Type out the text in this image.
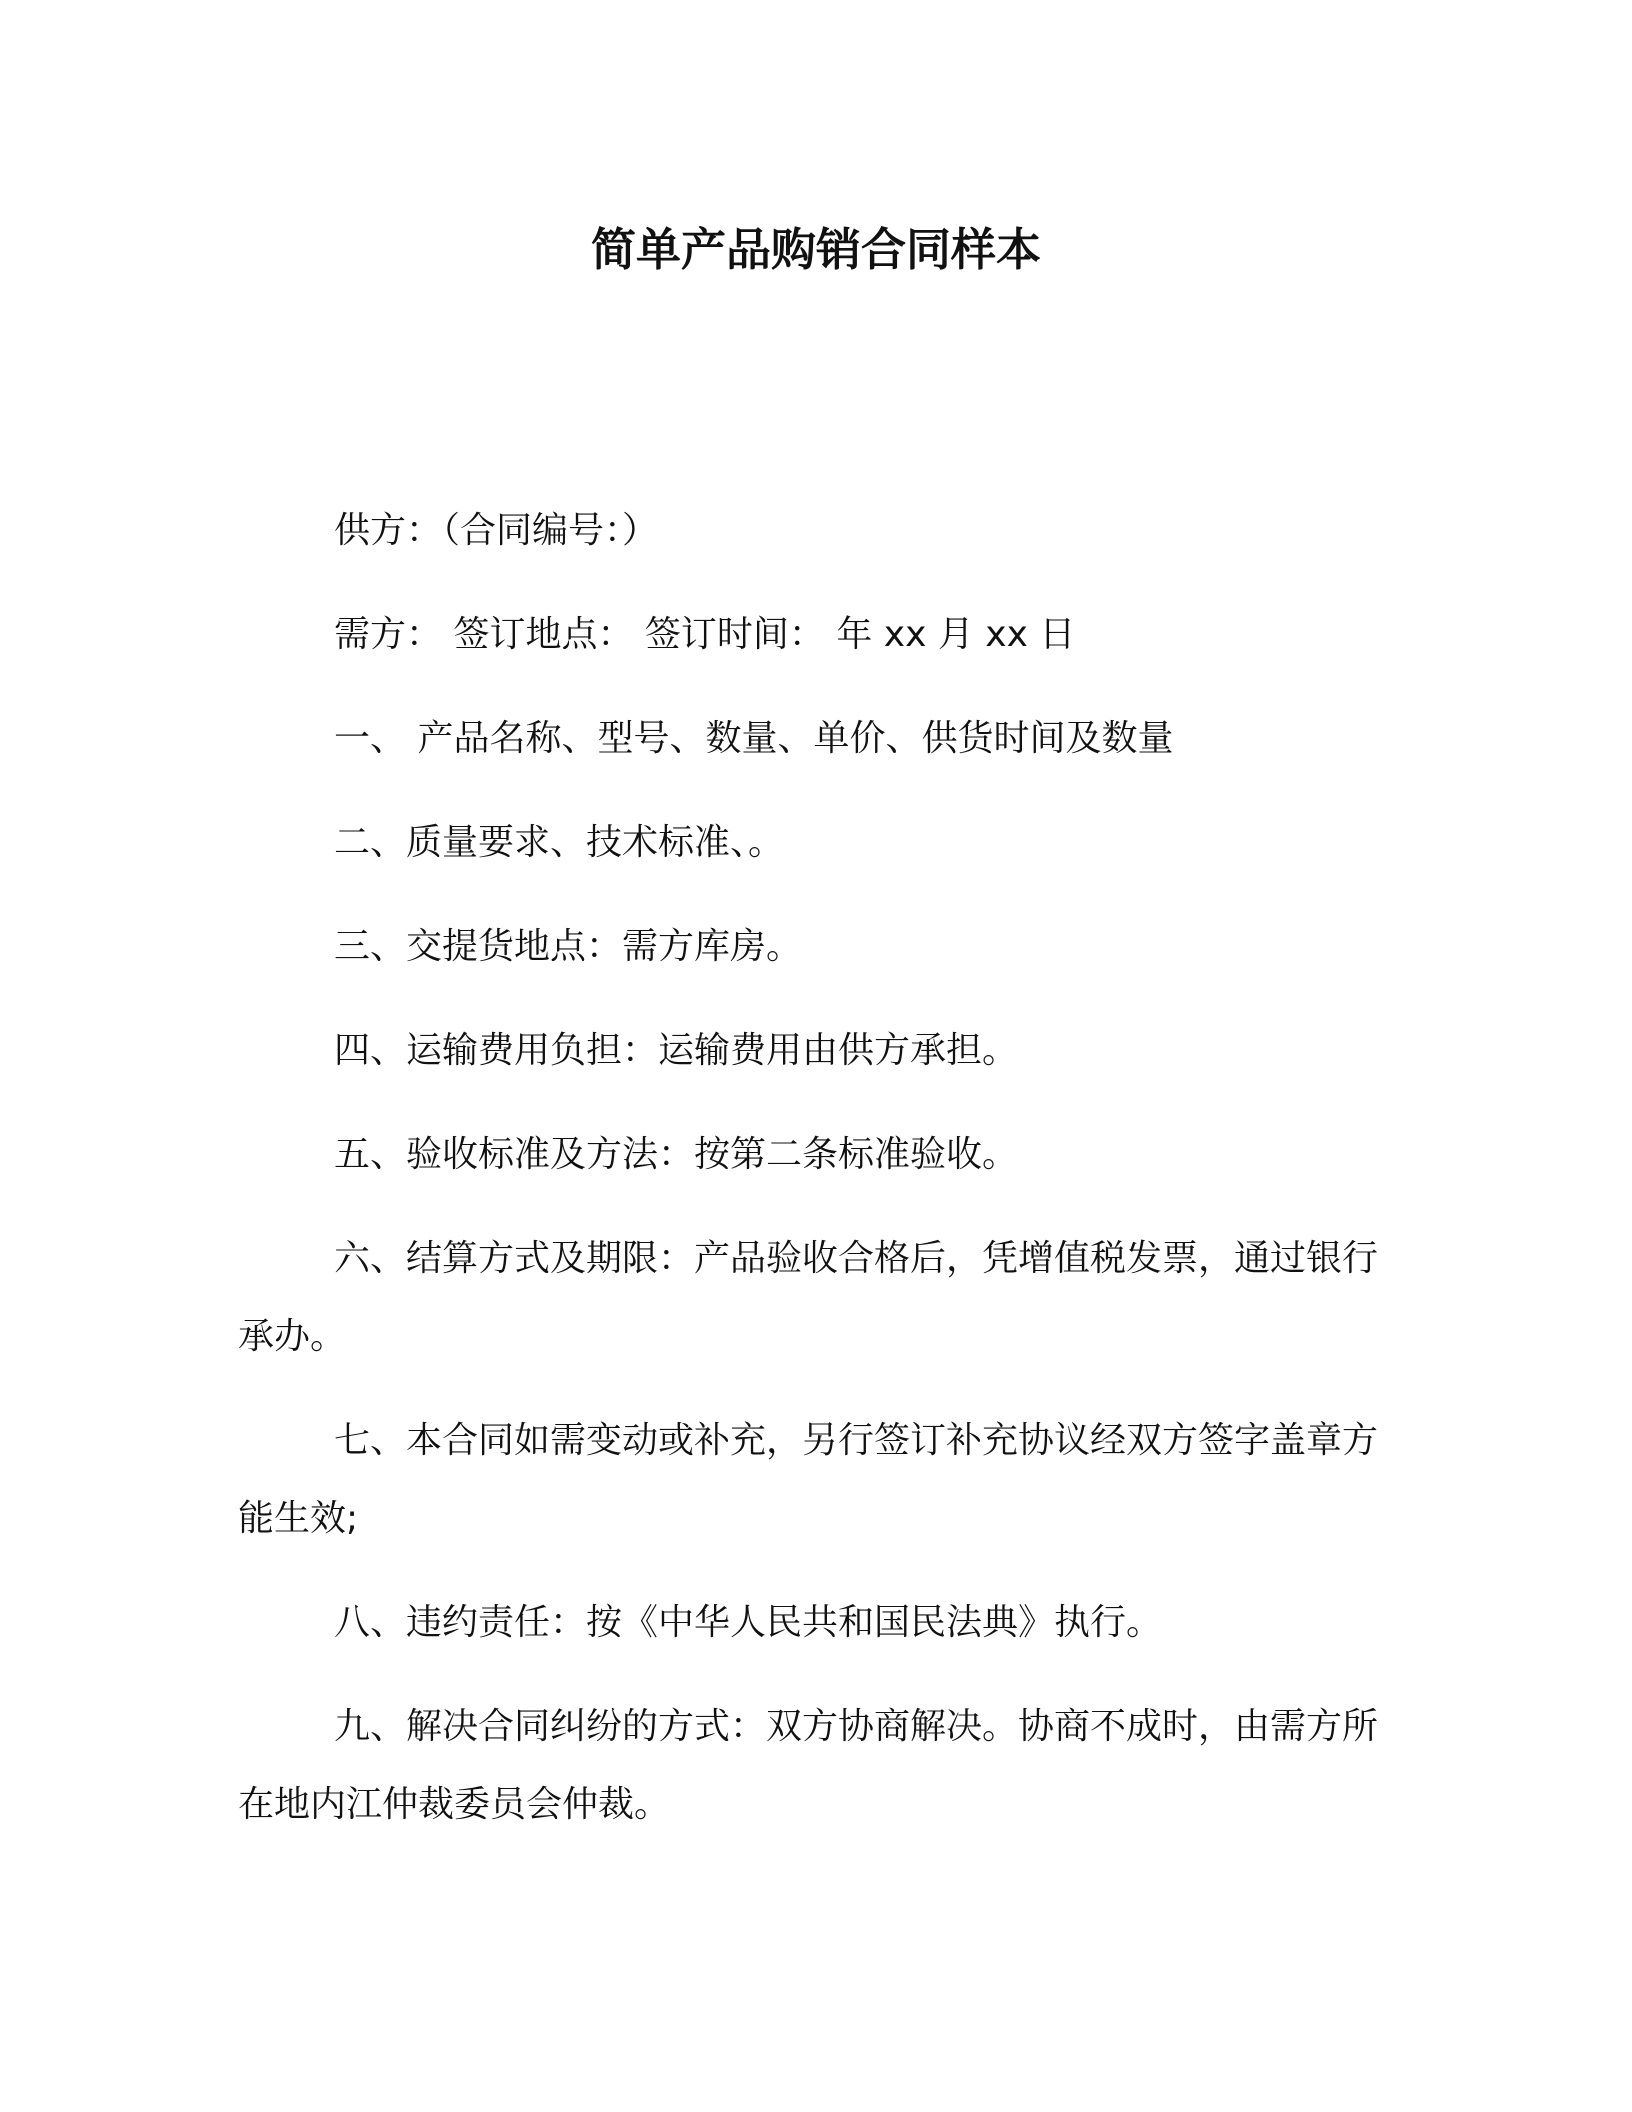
简单产品购销合同样本

供方：（合同编号：）

需方： 签订地点： 签订时间： 年 xx 月 xx 日

一、 产品名称、型号、数量、单价、供货时间及数量

二、质量要求、技术标准、。

三、交提货地点：需方库房。

四、运输费用负担：运输费用由供方承担。

五、验收标准及方法：按第二条标准验收。

六、结算方式及期限：产品验收合格后，凭增值税发票，通过银行承办。

七、本合同如需变动或补充，另行签订补充协议经双方签字盖章方能生效;

八、违约责任：按《中华人民共和国民法典》执行。

九、解决合同纠纷的方式：双方协商解决。协商不成时，由需方所在地内江仲裁委员会仲裁。
